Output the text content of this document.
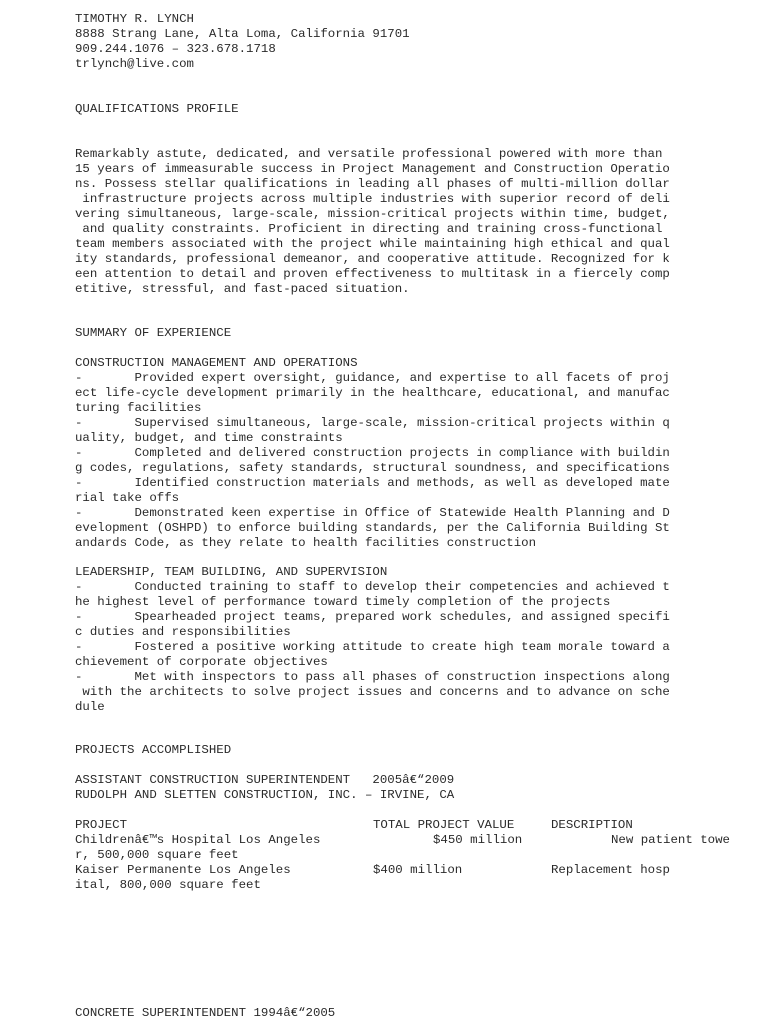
TIMOTHY R. LYNCH
8888 Strang Lane, Alta Loma, California 91701
909.244.1076 – 323.678.1718
trlynch@live.com
QUALIFICATIONS PROFILE
Remarkably astute, dedicated, and versatile professional powered with more than
15 years of immeasurable success in Project Management and Construction Operatio
ns. Possess stellar qualifications in leading all phases of multi-million dollar
infrastructure projects across multiple industries with superior record of deli
vering simultaneous, large-scale, mission-critical projects within time, budget,
and quality constraints. Proficient in directing and training cross-functional
team members associated with the project while maintaining high ethical and qual
ity standards, professional demeanor, and cooperative attitude. Recognized for k
een attention to detail and proven effectiveness to multitask in a fiercely comp
etitive, stressful, and fast-paced situation.
SUMMARY OF EXPERIENCE
CONSTRUCTION MANAGEMENT AND OPERATIONS
-       Provided expert oversight, guidance, and expertise to all facets of proj
ect life-cycle development primarily in the healthcare, educational, and manufac
turing facilities
-       Supervised simultaneous, large-scale, mission-critical projects within q
uality, budget, and time constraints
-       Completed and delivered construction projects in compliance with buildin
g codes, regulations, safety standards, structural soundness, and specifications
-       Identified construction materials and methods, as well as developed mate
rial take offs
-       Demonstrated keen expertise in Office of Statewide Health Planning and D
evelopment (OSHPD) to enforce building standards, per the California Building St
andards Code, as they relate to health facilities construction
LEADERSHIP, TEAM BUILDING, AND SUPERVISION
-       Conducted training to staff to develop their competencies and achieved t
he highest level of performance toward timely completion of the projects
-       Spearheaded project teams, prepared work schedules, and assigned specifi
c duties and responsibilities
-       Fostered a positive working attitude to create high team morale toward a
chievement of corporate objectives
-       Met with inspectors to pass all phases of construction inspections along
with the architects to solve project issues and concerns and to advance on sche
dule
PROJECTS ACCOMPLISHED
ASSISTANT CONSTRUCTION SUPERINTENDENT   2005â€“2009
RUDOLPH AND SLETTEN CONSTRUCTION, INC. – IRVINE, CA
PROJECT	TOTAL PROJECT VALUE	DESCRIPTION
Childrenâ€™s Hospital Los Angeles	$450 million	New patient towe
r, 500,000 square feet
Kaiser Permanente Los Angeles	$400 million	Replacement hosp
ital, 800,000 square feet
CONCRETE SUPERINTENDENT 1994â€“2005
